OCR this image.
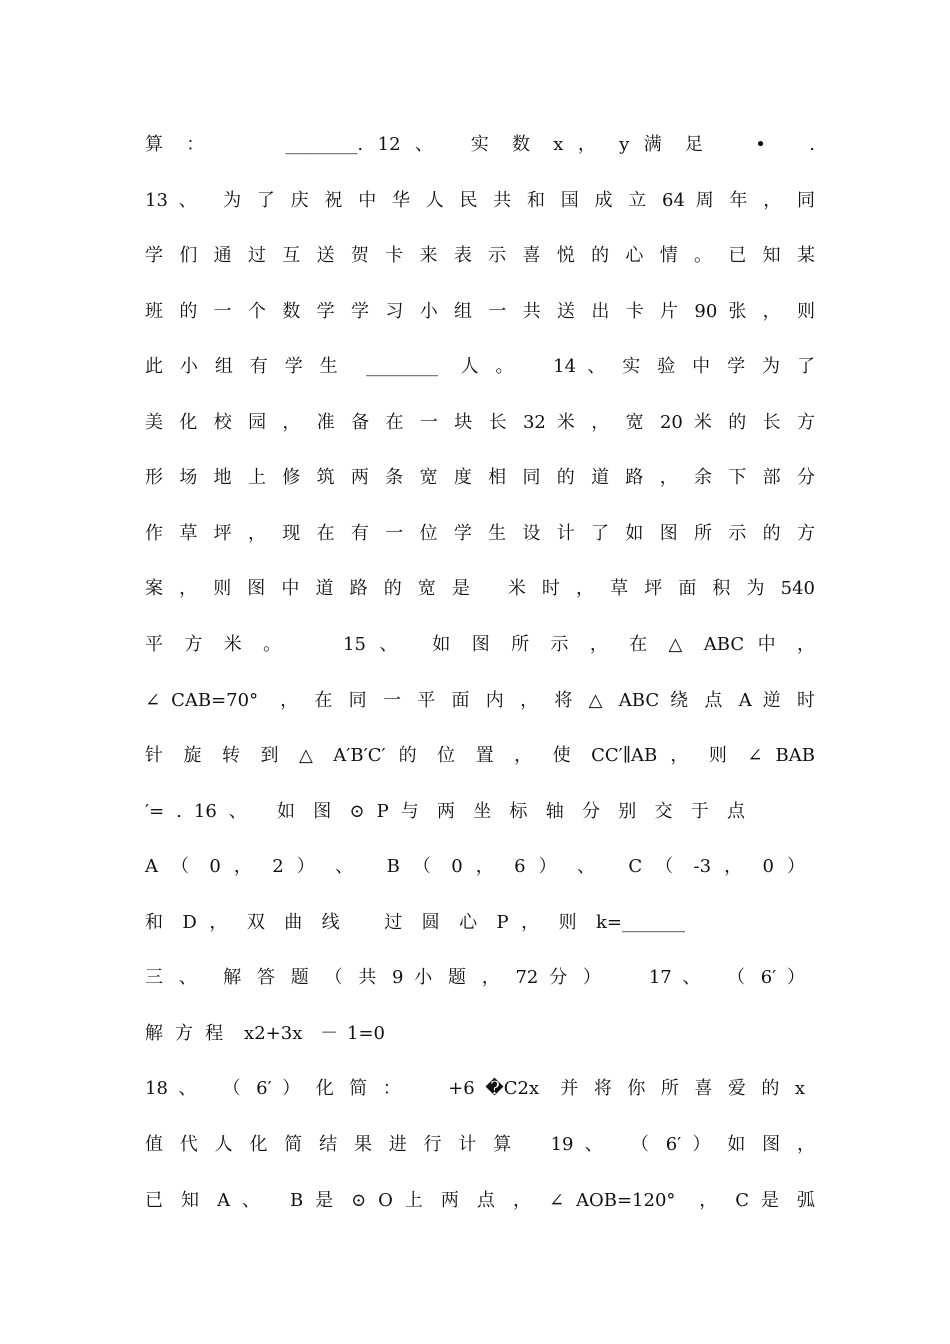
算 ：     ________. 12 、  实 数 x ， y 满 足   •   .
13 、  为 了 庆 祝 中 华 人 民 共 和 国 成 立 64 周 年 ， 同
学 们 通 过 互 送 贺 卡 来 表 示 喜 悦 的 心 情 。 已 知 某
班 的 一 个 数 学 学 习 小 组 一 共 送 出 卡 片 90 张 ， 则
此 小 组 有 学 生  ________  人 。   14 、 实 验 中 学 为 了
美 化 校 园 ， 准 备 在 一 块 长 32 米 ， 宽 20 米 的 长 方
形 场 地 上 修 筑 两 条 宽 度 相 同 的 道 路 ， 余 下 部 分
作 草 坪 ， 现 在 有 一 位 学 生 设 计 了 如 图 所 示 的 方
案 ， 则 图 中 道 路 的 宽 是   米 时 ， 草 坪 面 积 为 540
平 方 米 。    15 、  如 图 所 示 ， 在 △ ABC 中 ，
∠ CAB=70°  ， 在 同 一 平 面 内 ， 将 △ ABC 绕 点 A 逆 时
针 旋 转 到 △ A′B′C′ 的 位 置 ， 使 CC′∥AB ， 则 ∠ BAB
′= . 16 、  如 图 ⊙ P 与 两 坐 标 轴 分 别 交 于 点
A （ 0 ， 2 ） 、  B （ 0 ， 6 ） 、  C （ -3 ， 0 ）
和 D ， 双 曲 线   过 圆 心 P ， 则 k=_______
三 、  解 答 题 （ 共 9 小 题 ， 72 分 ）    17 、  （ 6′ ）
解 方 程  x2+3x  － 1=0
18 、  （ 6′ ） 化 简 ：    +6 �C2x  并 将 你 所 喜 爱 的 x
值 代 人 化 简 结 果 进 行 计 算   19 、  （ 6′ ） 如 图 ，
已 知 A 、  B 是 ⊙ O 上 两 点 ， ∠ AOB=120°  ， C 是 弧
